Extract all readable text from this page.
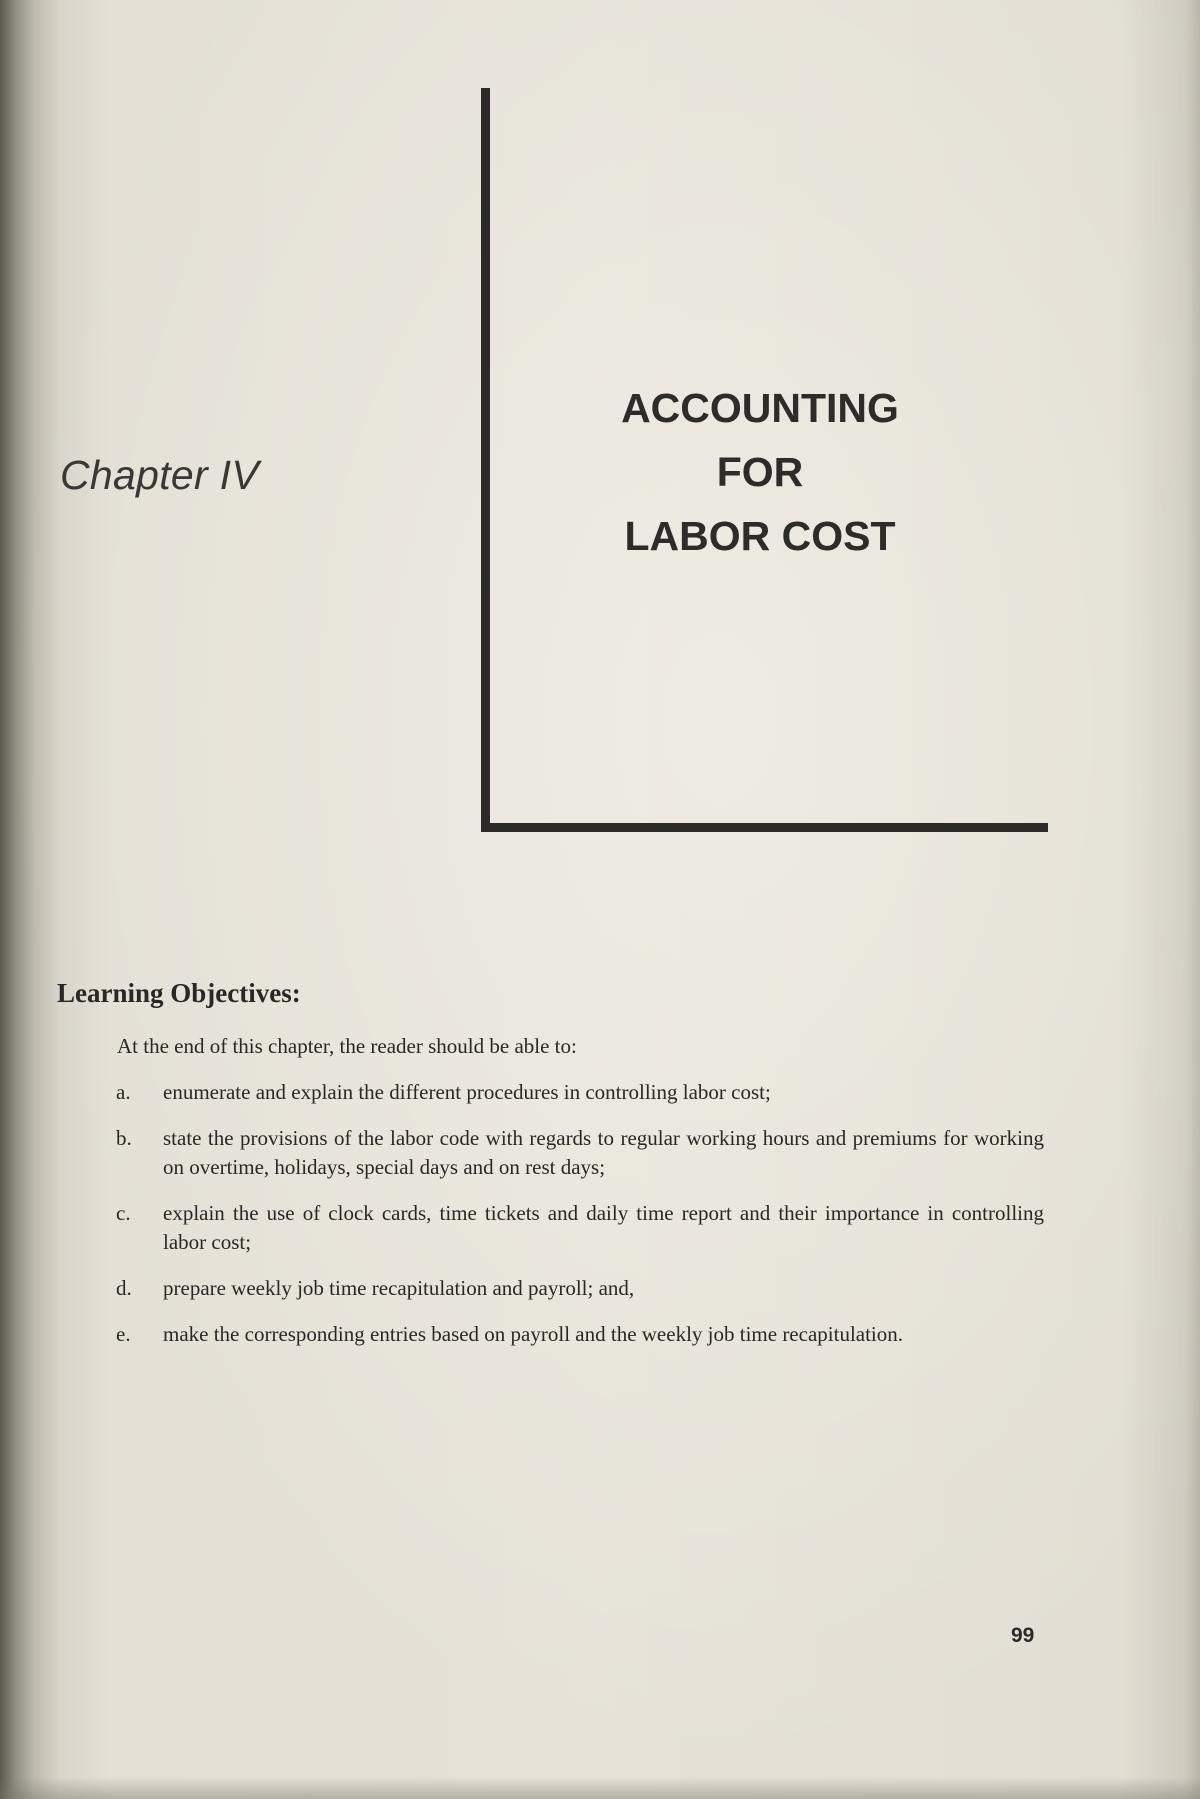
Chapter IV
ACCOUNTING
FOR
LABOR COST
Learning Objectives:
At the end of this chapter, the reader should be able to:
a.	enumerate and explain the different procedures in controlling labor cost;
b.	state the provisions of the labor code with regards to regular working hours and premiums for working on overtime, holidays, special days and on rest days;
c.	explain the use of clock cards, time tickets and daily time report and their importance in controlling labor cost;
d.	prepare weekly job time recapitulation and payroll; and,
e.	make the corresponding entries based on payroll and the weekly job time recapitulation.
99
